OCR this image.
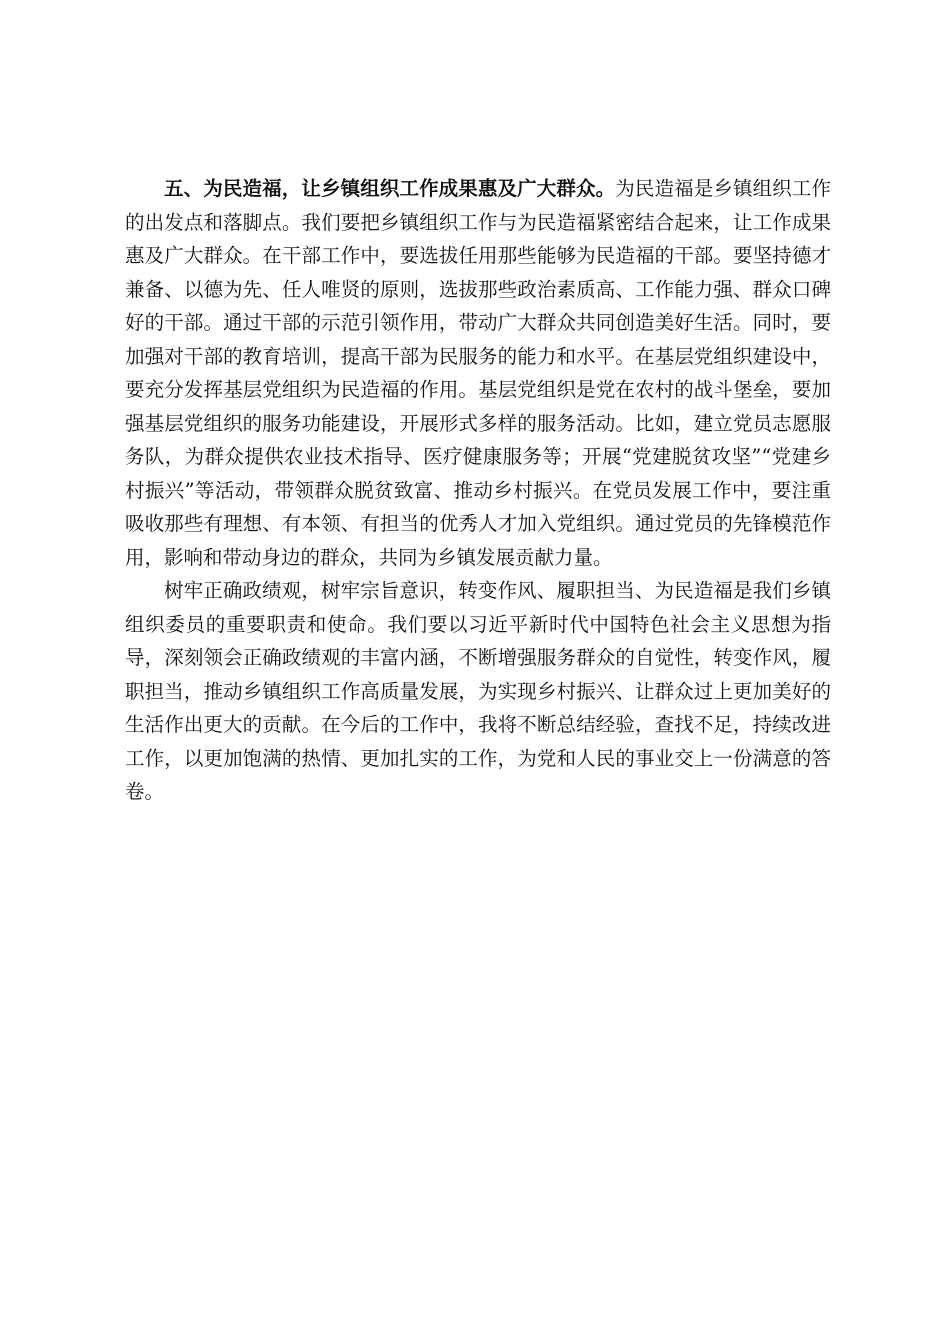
五、为民造福，让乡镇组织工作成果惠及广大群众。为民造福是乡镇组织工作的出发点和落脚点。我们要把乡镇组织工作与为民造福紧密结合起来，让工作成果惠及广大群众。在干部工作中，要选拔任用那些能够为民造福的干部。要坚持德才兼备、以德为先、任人唯贤的原则，选拔那些政治素质高、工作能力强、群众口碑好的干部。通过干部的示范引领作用，带动广大群众共同创造美好生活。同时，要加强对干部的教育培训，提高干部为民服务的能力和水平。在基层党组织建设中，要充分发挥基层党组织为民造福的作用。基层党组织是党在农村的战斗堡垒，要加强基层党组织的服务功能建设，开展形式多样的服务活动。比如，建立党员志愿服务队，为群众提供农业技术指导、医疗健康服务等；开展“党建脱贫攻坚”“党建乡村振兴”等活动，带领群众脱贫致富、推动乡村振兴。在党员发展工作中，要注重吸收那些有理想、有本领、有担当的优秀人才加入党组织。通过党员的先锋模范作用，影响和带动身边的群众，共同为乡镇发展贡献力量。

树牢正确政绩观，树牢宗旨意识，转变作风、履职担当、为民造福是我们乡镇组织委员的重要职责和使命。我们要以习近平新时代中国特色社会主义思想为指导，深刻领会正确政绩观的丰富内涵，不断增强服务群众的自觉性，转变作风，履职担当，推动乡镇组织工作高质量发展，为实现乡村振兴、让群众过上更加美好的生活作出更大的贡献。在今后的工作中，我将不断总结经验，查找不足，持续改进工作，以更加饱满的热情、更加扎实的工作，为党和人民的事业交上一份满意的答卷。
